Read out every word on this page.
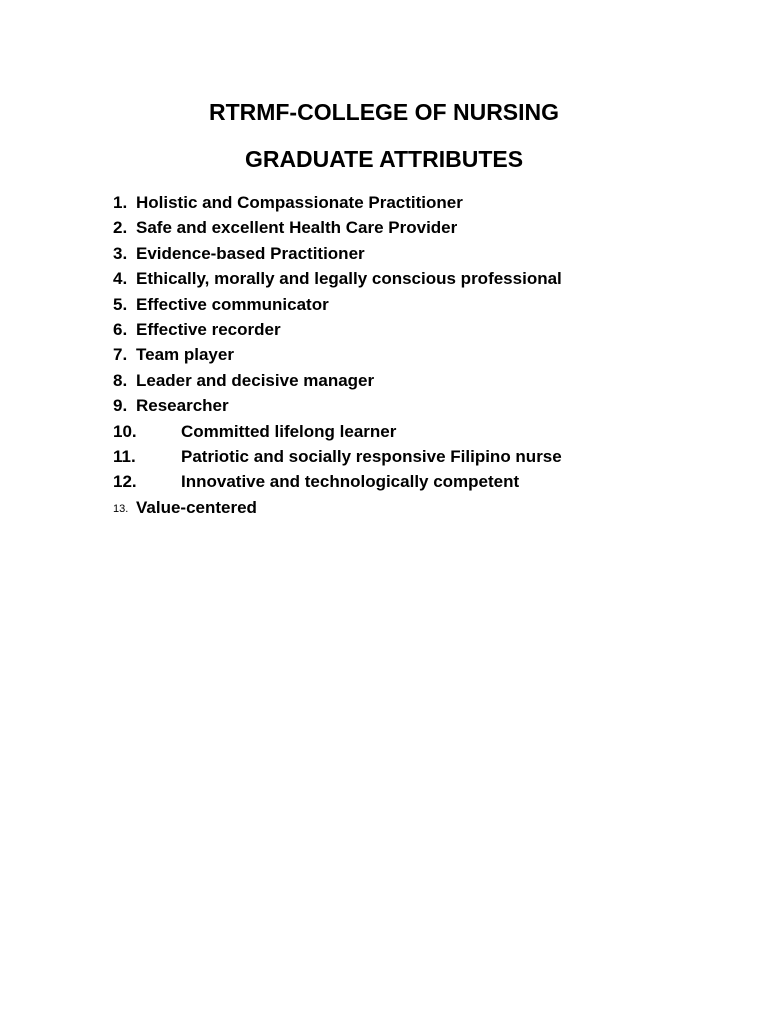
RTRMF-COLLEGE OF NURSING
GRADUATE ATTRIBUTES
1. Holistic and Compassionate Practitioner
2. Safe and excellent Health Care Provider
3. Evidence-based Practitioner
4. Ethically, morally and legally conscious professional
5. Effective communicator
6. Effective recorder
7. Team player
8. Leader and decisive manager
9. Researcher
10.	Committed lifelong learner
11.	Patriotic and socially responsive Filipino nurse
12.	Innovative and technologically competent
13. Value-centered
